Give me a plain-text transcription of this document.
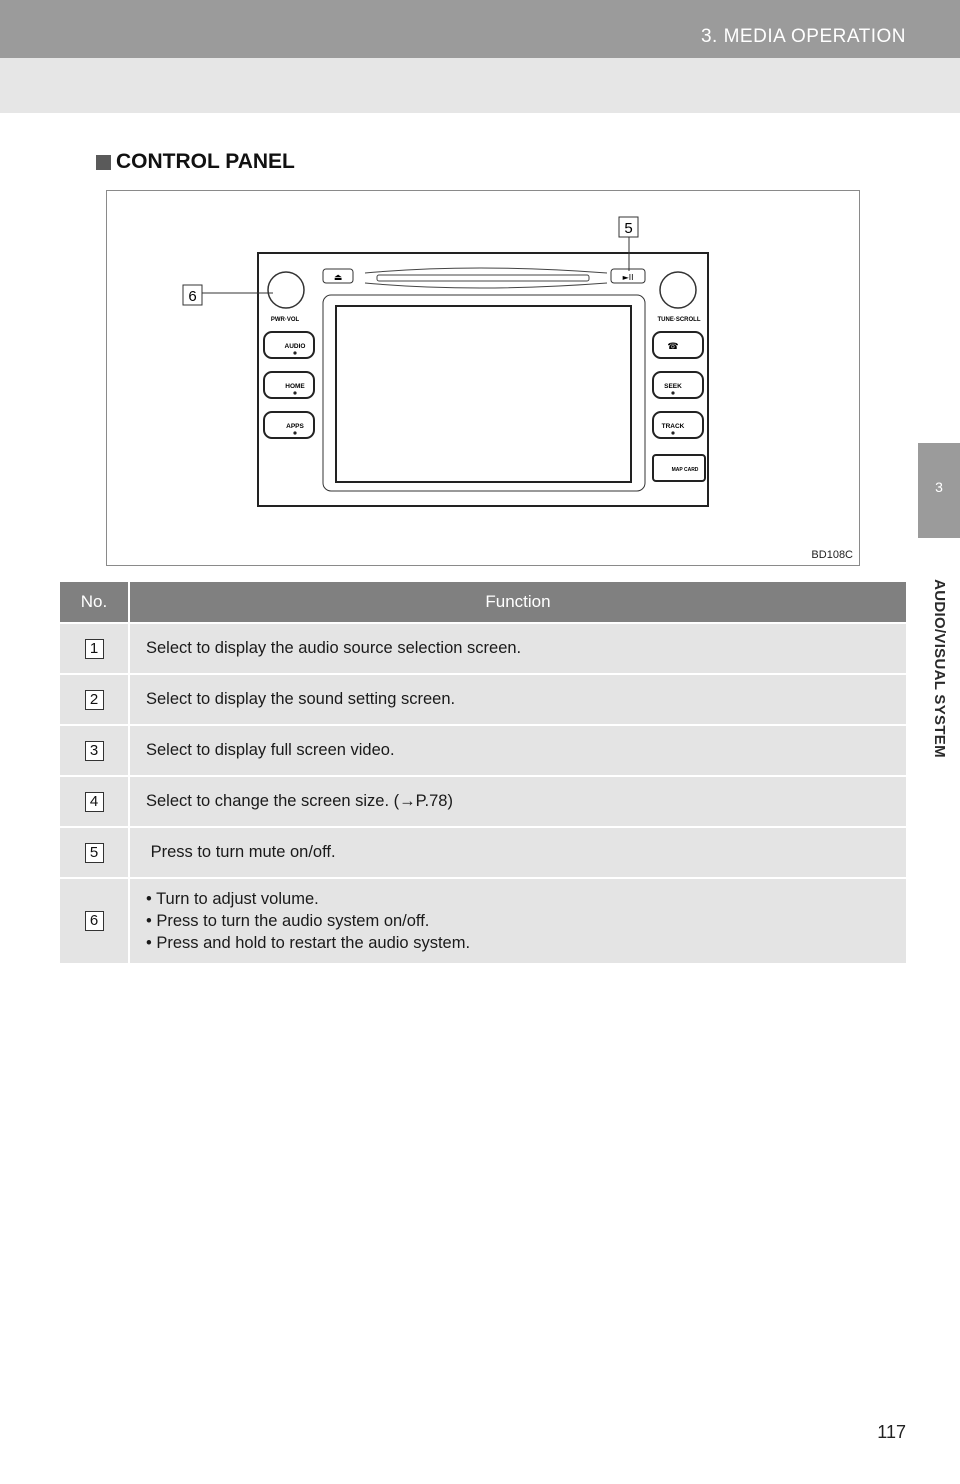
3. MEDIA OPERATION
3
AUDIO/VISUAL SYSTEM
CONTROL PANEL
⏏	►II
PWR·VOL	TUNE·SCROLL
AUDIO
HOME
APPS
☎
SEEK
TRACK
MAP CARD
5
6
BD108C
No.	Function
1	Select to display the audio source selection screen.
2	Select to display the sound setting screen.
3	Select to display full screen video.
4	Select to change the screen size. (→P.78)
5	Press to turn mute on/off.
6	• Turn to adjust volume.
• Press to turn the audio system on/off.
• Press and hold to restart the audio system.
117
